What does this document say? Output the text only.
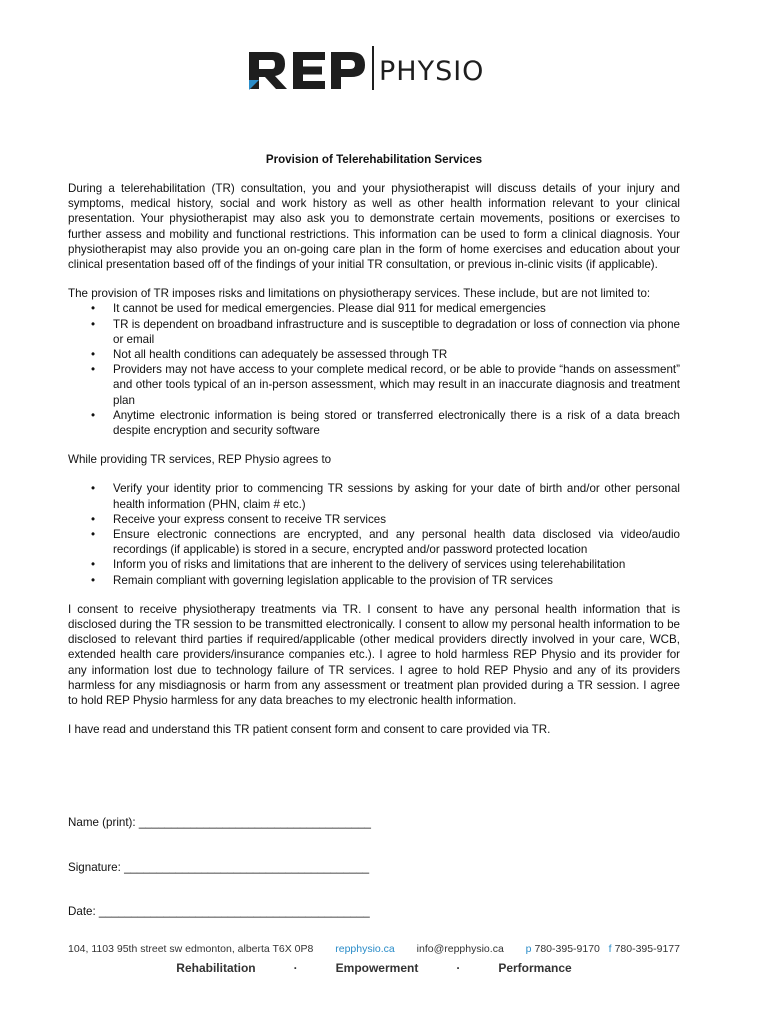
PHYSIO
Provision of Telerehabilitation Services

During a telerehabilitation (TR) consultation, you and your physiotherapist will discuss details of your injury and symptoms, medical history, social and work history as well as other health information relevant to your clinical presentation. Your physiotherapist may also ask you to demonstrate certain movements, positions or exercises to further assess and mobility and functional restrictions. This information can be used to form a clinical diagnosis. Your physiotherapist may also provide you an on-going care plan in the form of home exercises and education about your clinical presentation based off of the findings of your initial TR consultation, or previous in-clinic visits (if applicable).

The provision of TR imposes risks and limitations on physiotherapy services. These include, but are not limited to:

• It cannot be used for medical emergencies. Please dial 911 for medical emergencies
• TR is dependent on broadband infrastructure and is susceptible to degradation or loss of connection via phone or email
• Not all health conditions can adequately be assessed through TR
• Providers may not have access to your complete medical record, or be able to provide “hands on assessment” and other tools typical of an in-person assessment, which may result in an inaccurate diagnosis and treatment plan
• Anytime electronic information is being stored or transferred electronically there is a risk of a data breach despite encryption and security software

While providing TR services, REP Physio agrees to

• Verify your identity prior to commencing TR sessions by asking for your date of birth and/or other personal health information (PHN, claim # etc.)
• Receive your express consent to receive TR services
• Ensure electronic connections are encrypted, and any personal health data disclosed via video/audio recordings (if applicable) is stored in a secure, encrypted and/or password protected location
• Inform you of risks and limitations that are inherent to the delivery of services using telerehabilitation
• Remain compliant with governing legislation applicable to the provision of TR services

I consent to receive physiotherapy treatments via TR. I consent to have any personal health information that is disclosed during the TR session to be transmitted electronically. I consent to allow my personal health information to be disclosed to relevant third parties if required/applicable (other medical providers directly involved in your care, WCB, extended health care providers/insurance companies etc.). I agree to hold harmless REP Physio and its provider for any information lost due to technology failure of TR services. I agree to hold REP Physio and any of its providers harmless for any misdiagnosis or harm from any assessment or treatment plan provided during a TR session. I agree to hold REP Physio harmless for any data breaches to my electronic health information.

I have read and understand this TR patient consent form and consent to care provided via TR.

Name (print): ____________________________________
Signature: ______________________________________
Date: __________________________________________
104, 1103 95th street sw edmonton, alberta T6X 0P8 repphysio.ca info@repphysio.ca p 780-395-9170 f 780-395-9177
Rehabilitation	·	Empowerment	·	Performance
